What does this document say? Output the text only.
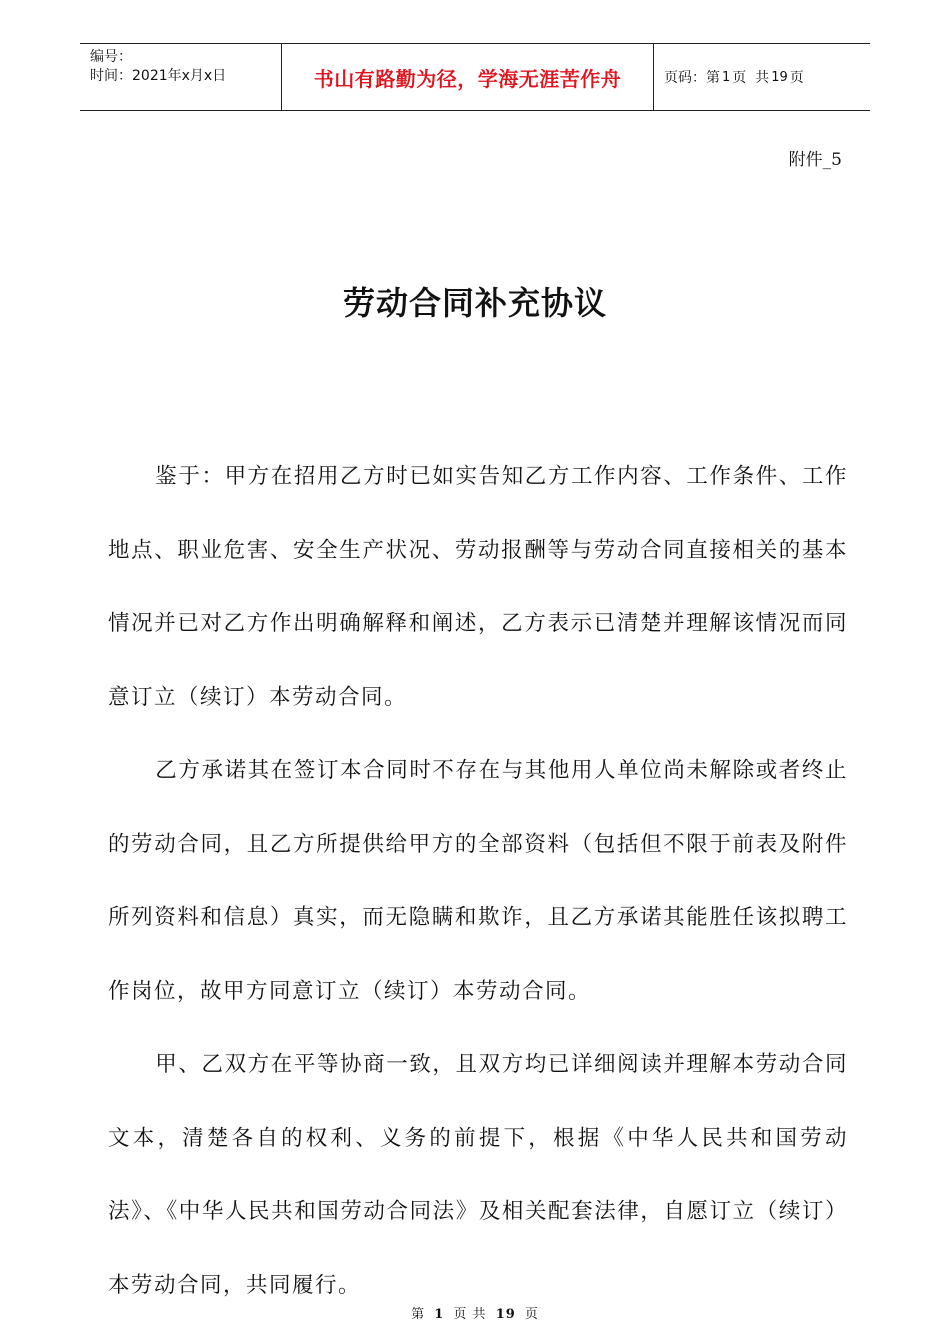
编号：
时间：2021年x月x日	书山有路勤为径，学海无涯苦作舟	页码：第 1 页  共 19 页
附件_5
劳动合同补充协议

鉴于：甲方在招用乙方时已如实告知乙方工作内容、工作条件、工作地点、职业危害、安全生产状况、劳动报酬等与劳动合同直接相关的基本情况并已对乙方作出明确解释和阐述，乙方表示已清楚并理解该情况而同意订立（续订）本劳动合同。

乙方承诺其在签订本合同时不存在与其他用人单位尚未解除或者终止的劳动合同，且乙方所提供给甲方的全部资料（包括但不限于前表及附件所列资料和信息）真实，而无隐瞒和欺诈，且乙方承诺其能胜任该拟聘工作岗位，故甲方同意订立（续订）本劳动合同。

甲、乙双方在平等协商一致，且双方均已详细阅读并理解本劳动合同文本，清楚各自的权利、义务的前提下，根据《中华人民共和国劳动法》、《中华人民共和国劳动合同法》及相关配套法律，自愿订立（续订）本劳动合同，共同履行。

第 1 页 共 19 页
